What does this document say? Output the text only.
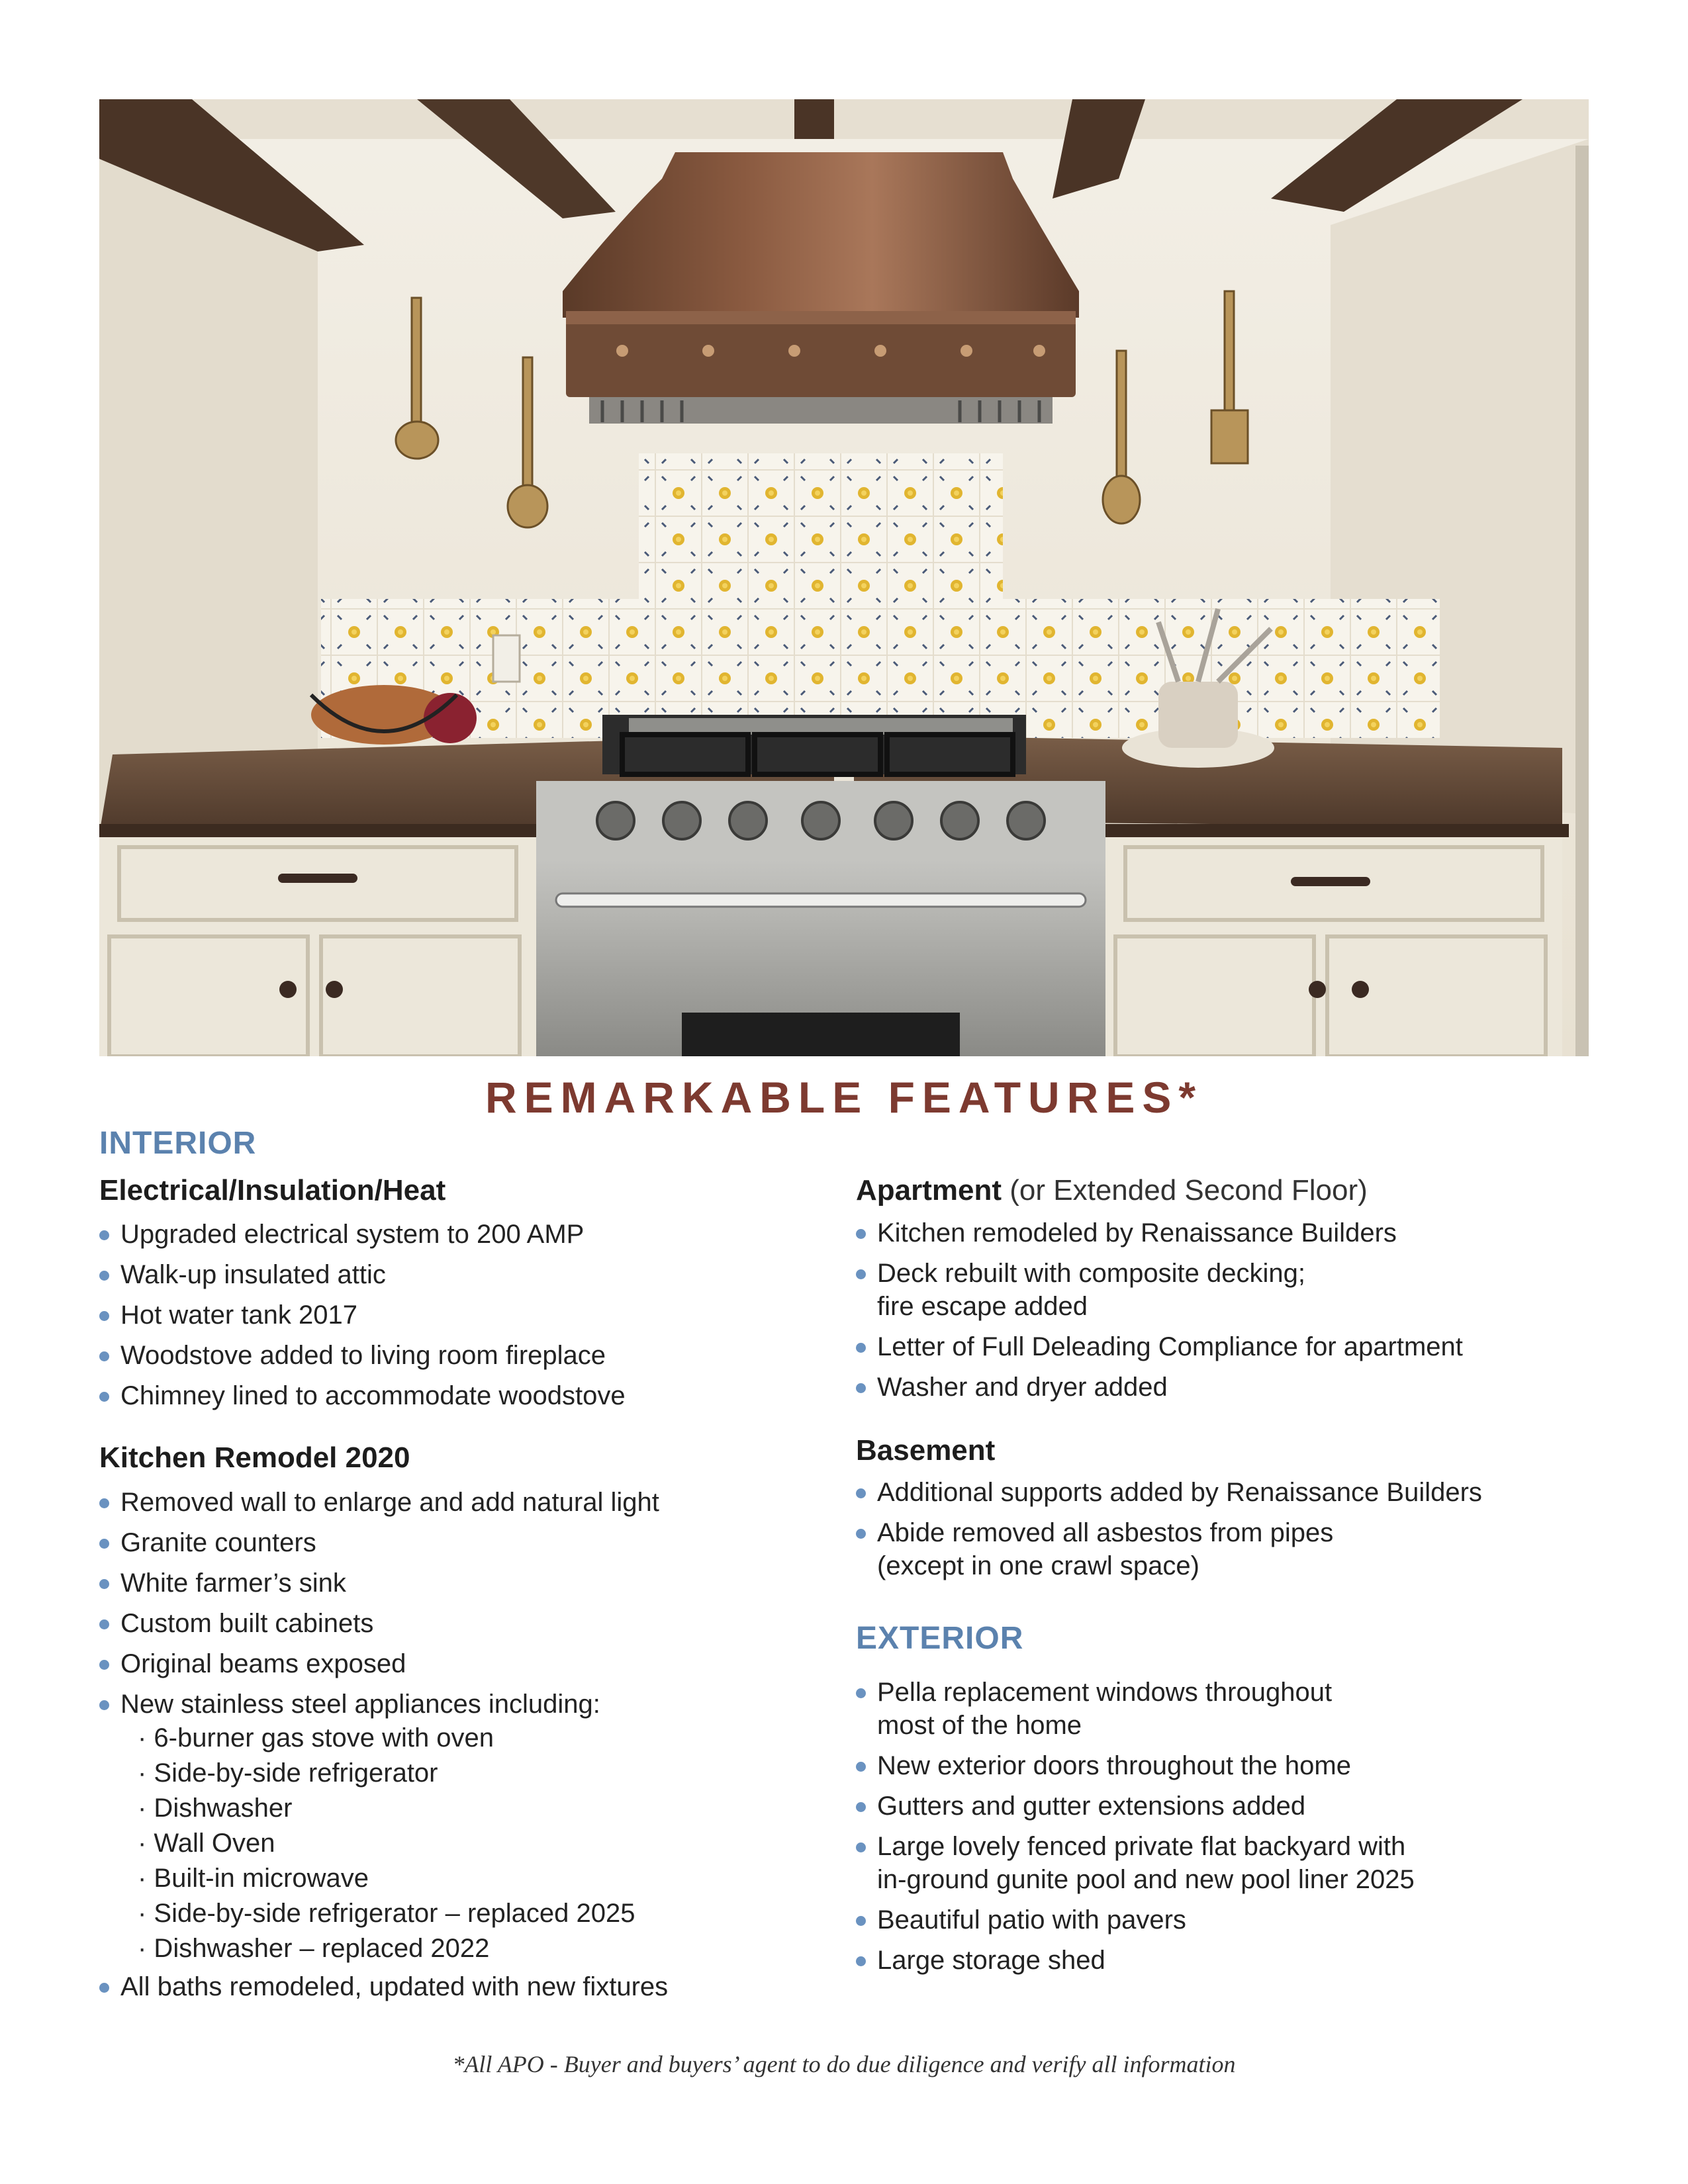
REMARKABLE FEATURES*
INTERIOR
Electrical/Insulation/Heat
Upgraded electrical system to 200 AMP
Walk-up insulated attic
Hot water tank 2017
Woodstove added to living room fireplace
Chimney lined to accommodate woodstove
Kitchen Remodel 2020
Removed wall to enlarge and add natural light
Granite counters
White farmer’s sink
Custom built cabinets
Original beams exposed
New stainless steel appliances including:
· 6-burner gas stove with oven
· Side-by-side refrigerator
· Dishwasher
· Wall Oven
· Built-in microwave
· Side-by-side refrigerator – replaced 2025
· Dishwasher – replaced 2022
All baths remodeled, updated with new fixtures
Apartment (or Extended Second Floor)
Kitchen remodeled by Renaissance Builders
Deck rebuilt with composite decking;
fire escape added
Letter of Full Deleading Compliance for apartment
Washer and dryer added
Basement
Additional supports added by Renaissance Builders
Abide removed all asbestos from pipes
(except in one crawl space)
EXTERIOR
Pella replacement windows throughout
most of the home
New exterior doors throughout the home
Gutters and gutter extensions added
Large lovely fenced private flat backyard with
in-ground gunite pool and new pool liner 2025
Beautiful patio with pavers
Large storage shed
*All APO - Buyer and buyers’ agent to do due diligence and verify all information
